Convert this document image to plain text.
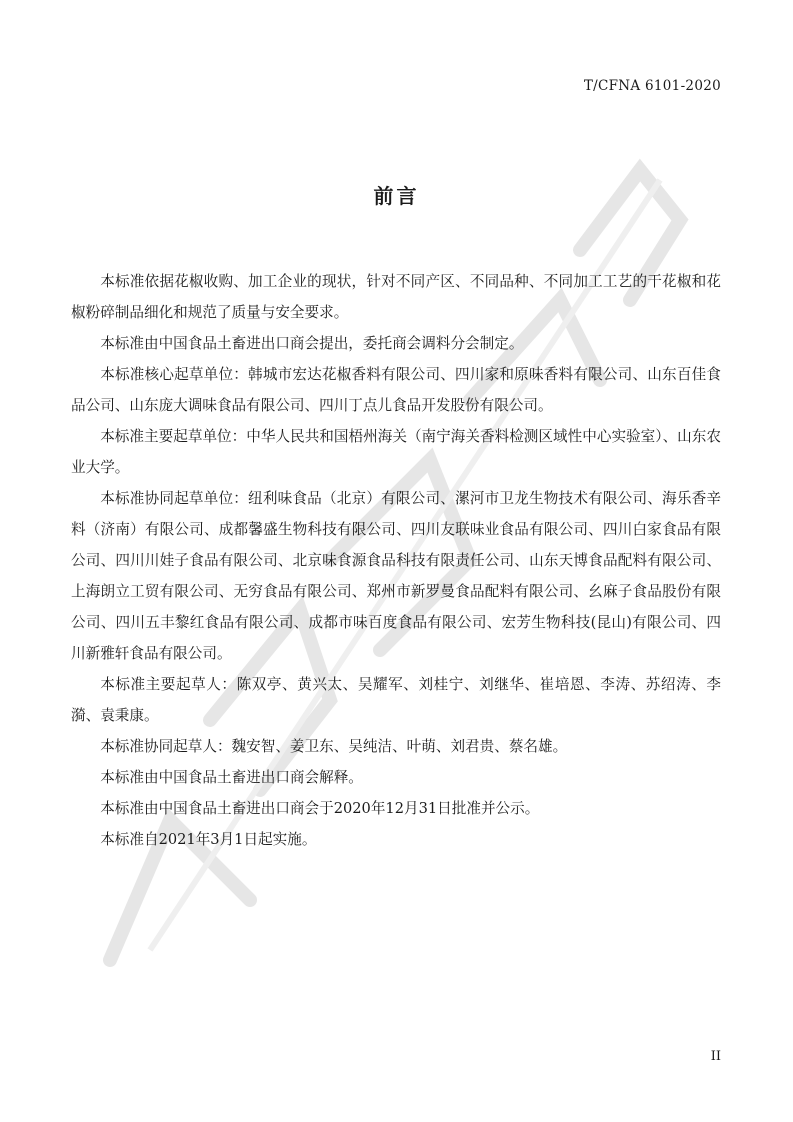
T/CFNA 6101-2020
前言

本标准依据花椒收购、加工企业的现状，针对不同产区、不同品种、不同加工工艺的干花椒和花椒粉碎制品细化和规范了质量与安全要求。

本标准由中国食品土畜进出口商会提出，委托商会调料分会制定。

本标准核心起草单位：韩城市宏达花椒香料有限公司、四川家和原味香料有限公司、山东百佳食品公司、山东庞大调味食品有限公司、四川丁点儿食品开发股份有限公司。

本标准主要起草单位：中华人民共和国梧州海关（南宁海关香料检测区域性中心实验室）、山东农业大学。

本标准协同起草单位：纽利味食品（北京）有限公司、漯河市卫龙生物技术有限公司、海乐香辛料（济南）有限公司、成都馨盛生物科技有限公司、四川友联味业食品有限公司、四川白家食品有限公司、四川川娃子食品有限公司、北京味食源食品科技有限责任公司、山东天博食品配料有限公司、上海朗立工贸有限公司、无穷食品有限公司、郑州市新罗曼食品配料有限公司、幺麻子食品股份有限公司、四川五丰黎红食品有限公司、成都市味百度食品有限公司、宏芳生物科技(昆山)有限公司、四川新雅轩食品有限公司。

本标准主要起草人：陈双亭、黄兴太、吴耀军、刘桂宁、刘继华、崔培恩、李涛、苏绍涛、李漪、袁秉康。

本标准协同起草人：魏安智、姜卫东、吴纯洁、叶萌、刘君贵、蔡名雄。

本标准由中国食品土畜进出口商会解释。

本标准由中国食品土畜进出口商会于2020年12月31日批准并公示。

本标准自2021年3月1日起实施。

II
